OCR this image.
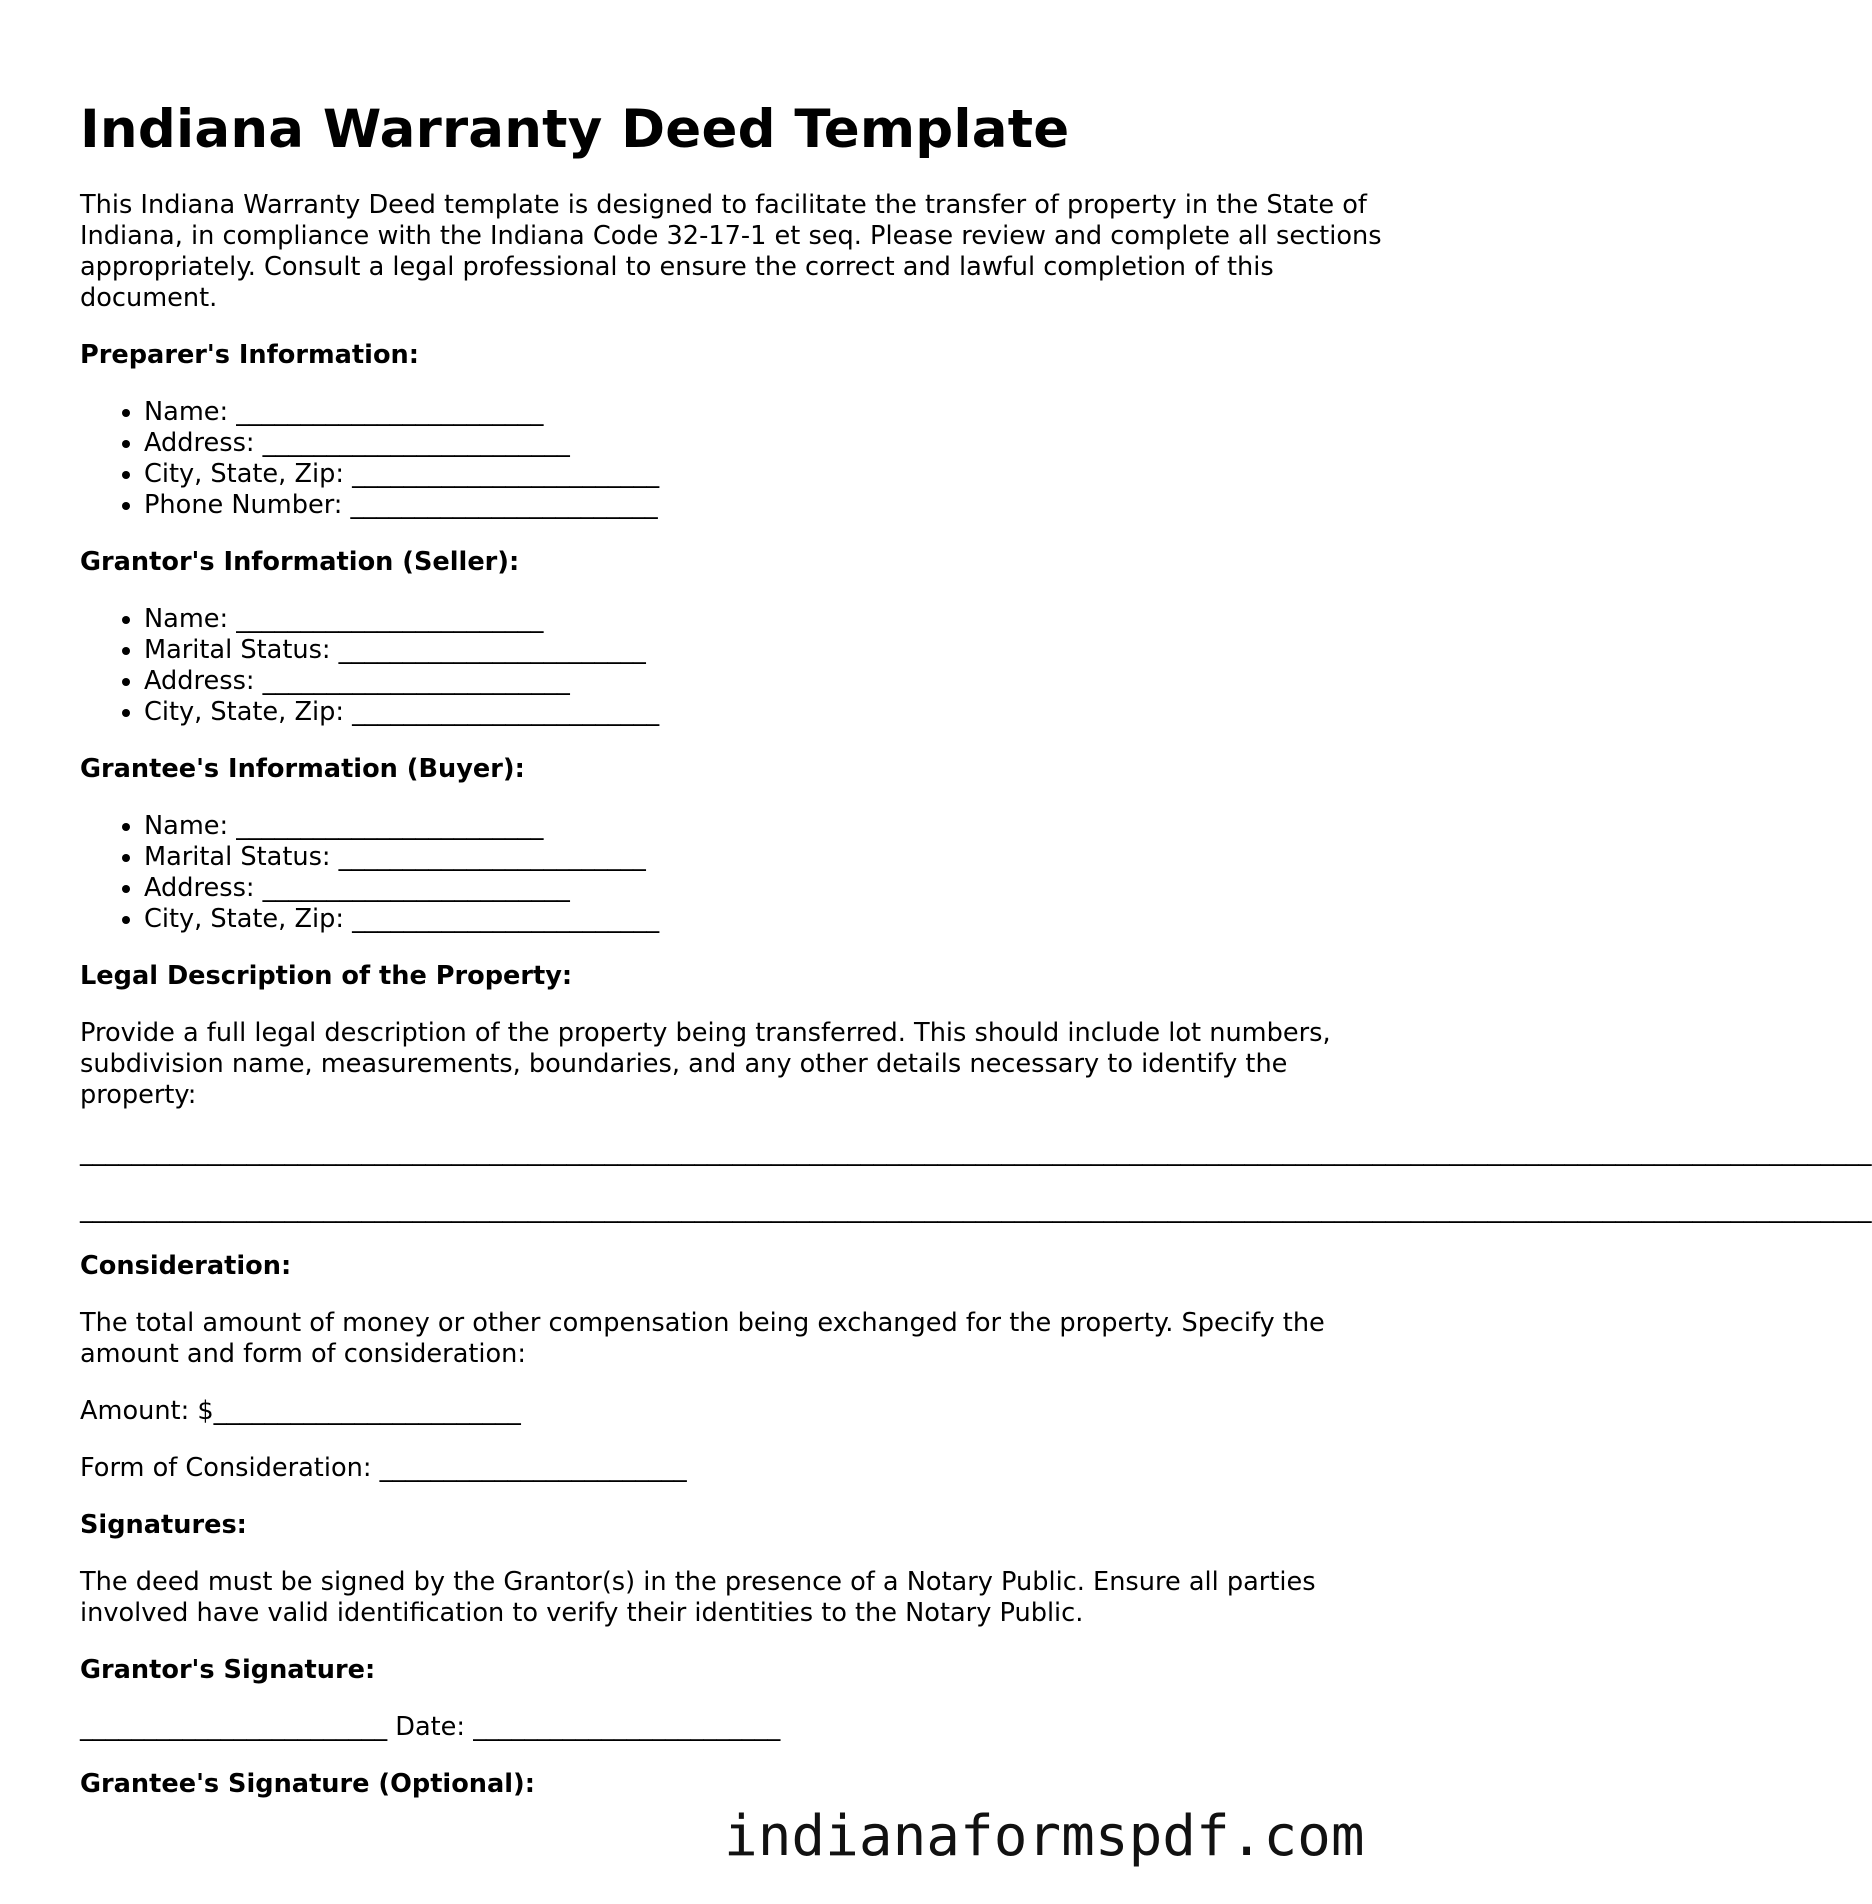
Indiana Warranty Deed Template

This Indiana Warranty Deed template is designed to facilitate the transfer of property in the State of Indiana, in compliance with the Indiana Code 32-17-1 et seq. Please review and complete all sections appropriately. Consult a legal professional to ensure the correct and lawful completion of this document.

Preparer's Information:
• Name: ________________________
• Address: ________________________
• City, State, Zip: ________________________
• Phone Number: ________________________
Grantor's Information (Seller):
• Name: ________________________
• Marital Status: ________________________
• Address: ________________________
• City, State, Zip: ________________________
Grantee's Information (Buyer):
• Name: ________________________
• Marital Status: ________________________
• Address: ________________________
• City, State, Zip: ________________________
Legal Description of the Property:

Provide a full legal description of the property being transferred. This should include lot numbers, subdivision name, measurements, boundaries, and any other details necessary to identify the property:

____________________________________________________________________________________________________________________________________________
____________________________________________________________________________________________________________________________________________
Consideration:

The total amount of money or other compensation being exchanged for the property. Specify the amount and form of consideration:

Amount: $________________________

Form of Consideration: ________________________

Signatures:

The deed must be signed by the Grantor(s) in the presence of a Notary Public. Ensure all parties involved have valid identification to verify their identities to the Notary Public.

Grantor's Signature:

________________________ Date: ________________________

Grantee's Signature (Optional):
indianaformspdf.com
